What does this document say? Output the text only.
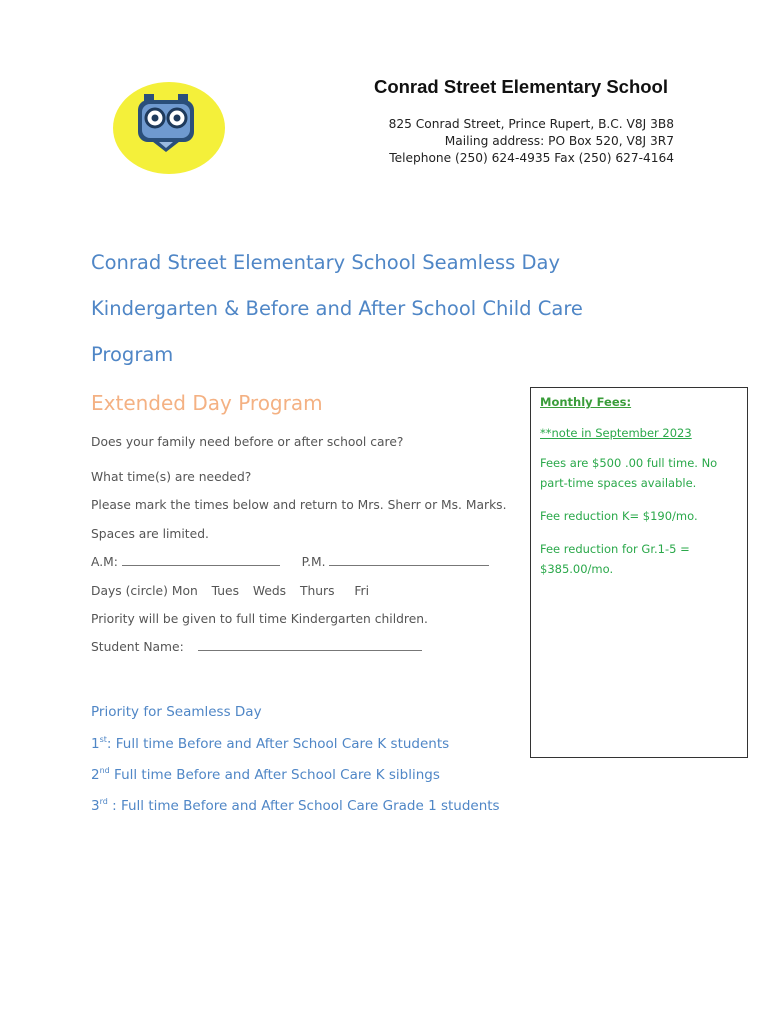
Conrad Street Elementary School
825 Conrad Street, Prince Rupert, B.C. V8J 3B8
Mailing address: PO Box 520, V8J 3R7
Telephone (250) 624-4935 Fax (250) 627-4164
Conrad Street Elementary School Seamless Day
Kindergarten & Before and After School Child Care
Program
Extended Day Program
Does your family need before or after school care?
What time(s) are needed?
Please mark the times below and return to Mrs. Sherr or Ms. Marks.
Spaces are limited.
A.M:	P.M.
Days (circle) Mon Tues Weds Thurs Fri
Priority will be given to full time Kindergarten children.
Student Name:
Priority for Seamless Day
1st: Full time Before and After School Care K students
2nd Full time Before and After School Care K siblings
3rd : Full time Before and After School Care Grade 1 students
Monthly Fees:
**note in September 2023
Fees are $500 .00 full time. No
part-time spaces available.
Fee reduction K= $190/mo.
Fee reduction for Gr.1-5 =
$385.00/mo.
